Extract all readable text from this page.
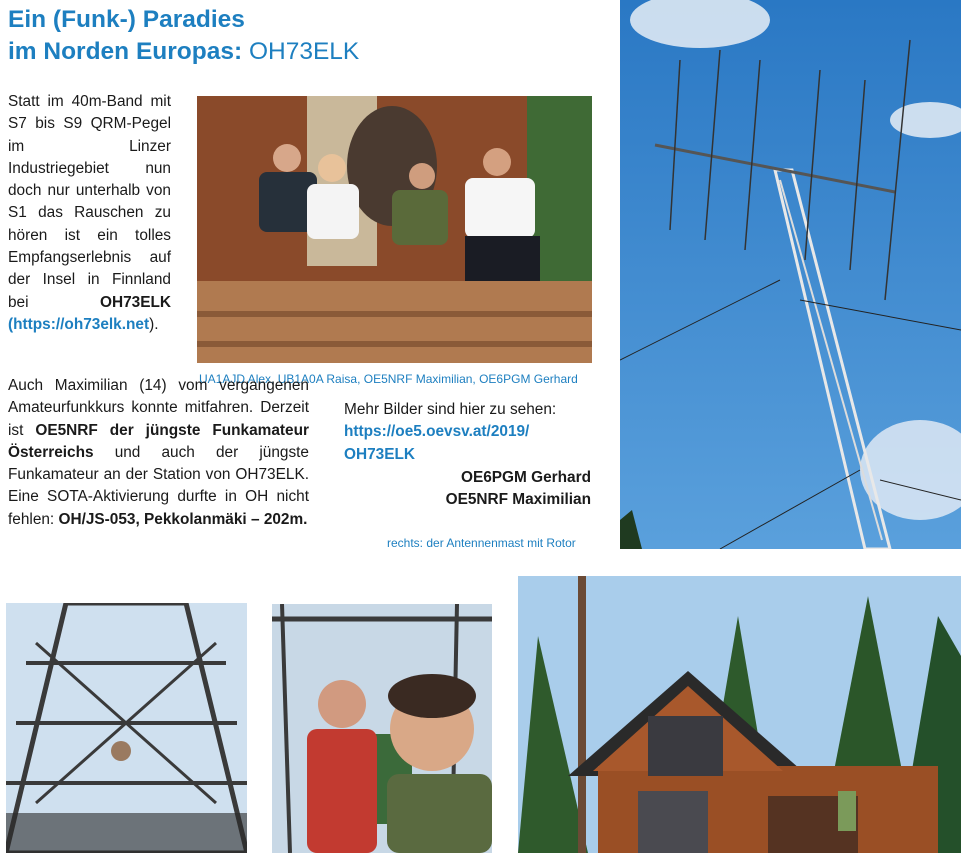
Ein (Funk-) Paradies
im Norden Europas: OH73ELK
Statt im 40m-Band mit S7 bis S9 QRM-Pegel im Linzer Industriegebiet nun doch nur unterhalb von S1 das Rauschen zu hören ist ein tolles Empfangserlebnis auf der Insel in Finnland bei	OH73ELK (https://oh73elk.net).
UA1AJD Alex, UB1A0A Raisa, OE5NRF Maximilian, OE6PGM Gerhard
Auch Maximilian (14) vom vergangenen Amateurfunkkurs konnte mitfahren. Derzeit ist OE5NRF der jüngste Funkamateur Österreichs und auch der jüngste Funkamateur an der Station von OH73ELK. Eine SOTA-Aktivierung durfte in OH nicht fehlen: OH/JS-053, Pekkolanmäki – 202m.
Mehr Bilder sind hier zu sehen:
https://oe5.oevsv.at/2019/
OH73ELK
OE6PGM Gerhard
OE5NRF Maximilian
rechts: der Antennenmast mit Rotor
